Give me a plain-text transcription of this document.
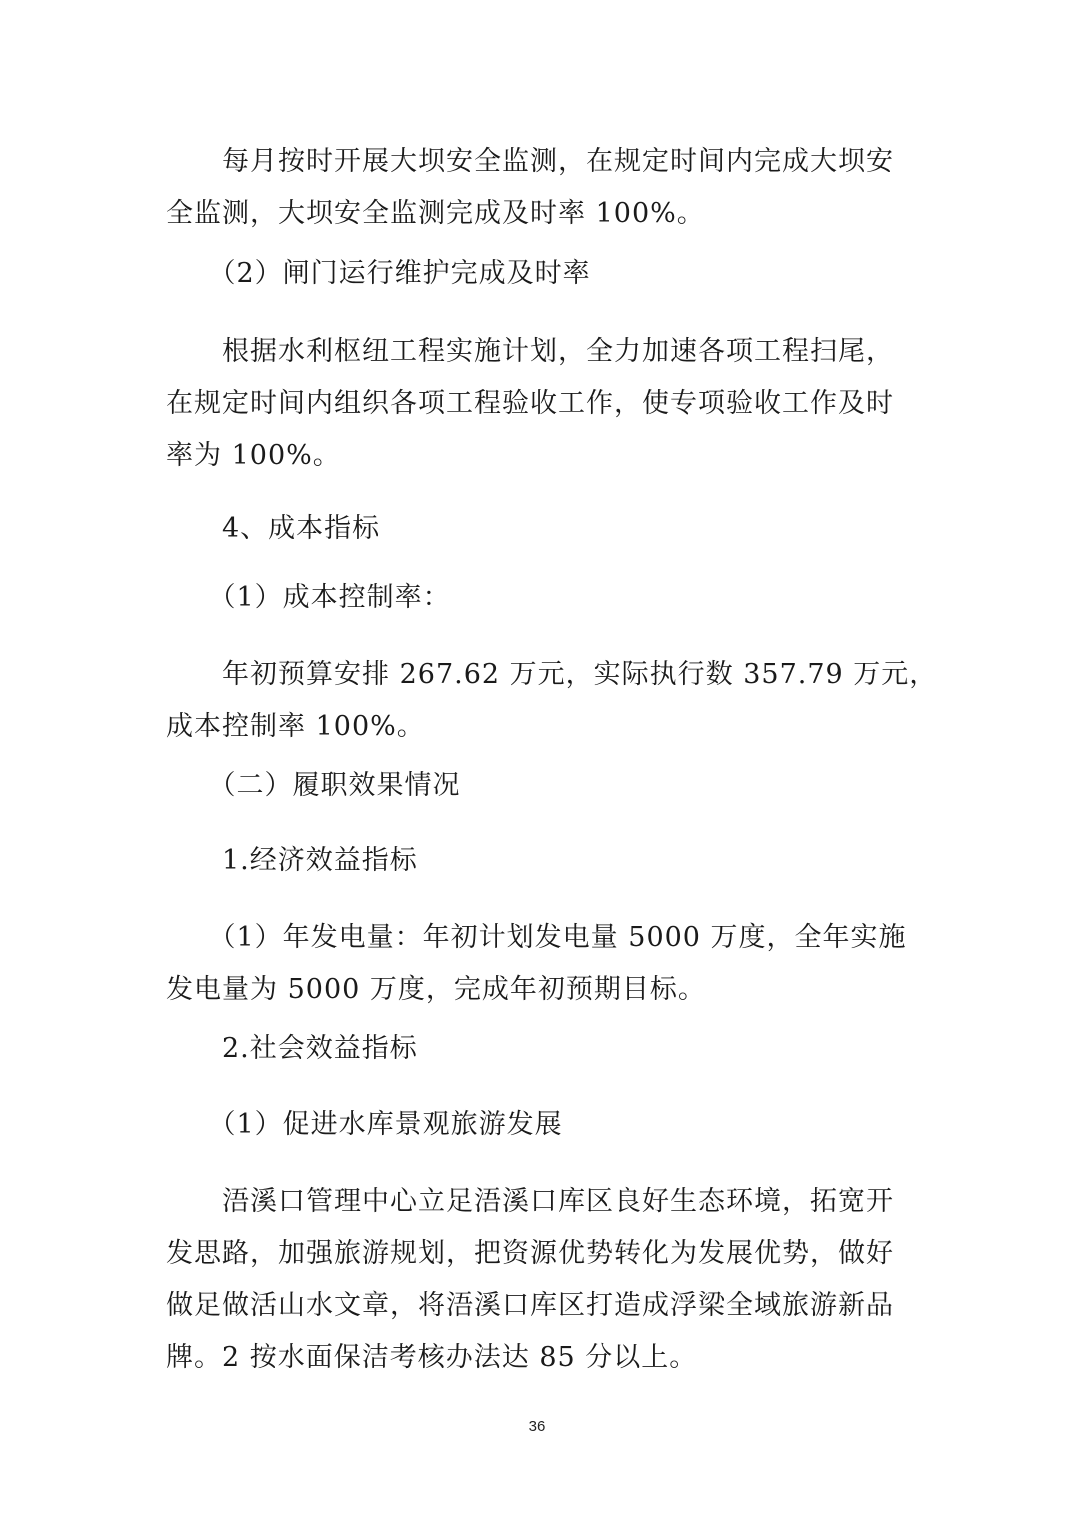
　　每月按时开展大坝安全监测，在规定时间内完成大坝安
全监测，大坝安全监测完成及时率 100%。

　　（2）闸门运行维护完成及时率

　　根据水利枢纽工程实施计划，全力加速各项工程扫尾，
在规定时间内组织各项工程验收工作，使专项验收工作及时
率为 100%。

　　4、成本指标

　　（1）成本控制率：

　　年初预算安排 267.62 万元，实际执行数 357.79 万元，
成本控制率 100%。

　　（二）履职效果情况

　　1.经济效益指标

　　（1）年发电量：年初计划发电量 5000 万度，全年实施
发电量为 5000 万度，完成年初预期目标。

　　2.社会效益指标

　　（1）促进水库景观旅游发展

　　浯溪口管理中心立足浯溪口库区良好生态环境，拓宽开
发思路，加强旅游规划，把资源优势转化为发展优势，做好
做足做活山水文章，将浯溪口库区打造成浮梁全域旅游新品
牌。2 按水面保洁考核办法达 85 分以上。

36
